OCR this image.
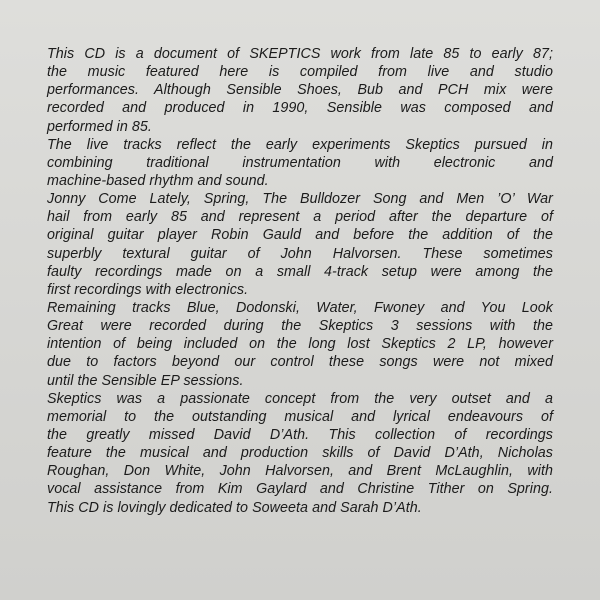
This CD is a document of SKEPTICS work from late 85 to early 87;
the music featured here is compiled from live and studio
performances. Although Sensible Shoes, Bub and PCH mix were
recorded and produced in 1990, Sensible was composed and
performed in 85.
The live tracks reflect the early experiments Skeptics pursued in
combining traditional instrumentation with electronic and
machine-based rhythm and sound.
Jonny Come Lately, Spring, The Bulldozer Song and Men ’O’ War
hail from early 85 and represent a period after the departure of
original guitar player Robin Gauld and before the addition of the
superbly textural guitar of John Halvorsen. These sometimes
faulty recordings made on a small 4-track setup were among the
first recordings with electronics.
Remaining tracks Blue, Dodonski, Water, Fwoney and You Look
Great were recorded during the Skeptics 3 sessions with the
intention of being included on the long lost Skeptics 2 LP, however
due to factors beyond our control these songs were not mixed
until the Sensible EP sessions.
Skeptics was a passionate concept from the very outset and a
memorial to the outstanding musical and lyrical endeavours of
the greatly missed David D’Ath. This collection of recordings
feature the musical and production skills of David D’Ath, Nicholas
Roughan, Don White, John Halvorsen, and Brent McLaughlin, with
vocal assistance from Kim Gaylard and Christine Tither on Spring.
This CD is lovingly dedicated to Soweeta and Sarah D’Ath.
